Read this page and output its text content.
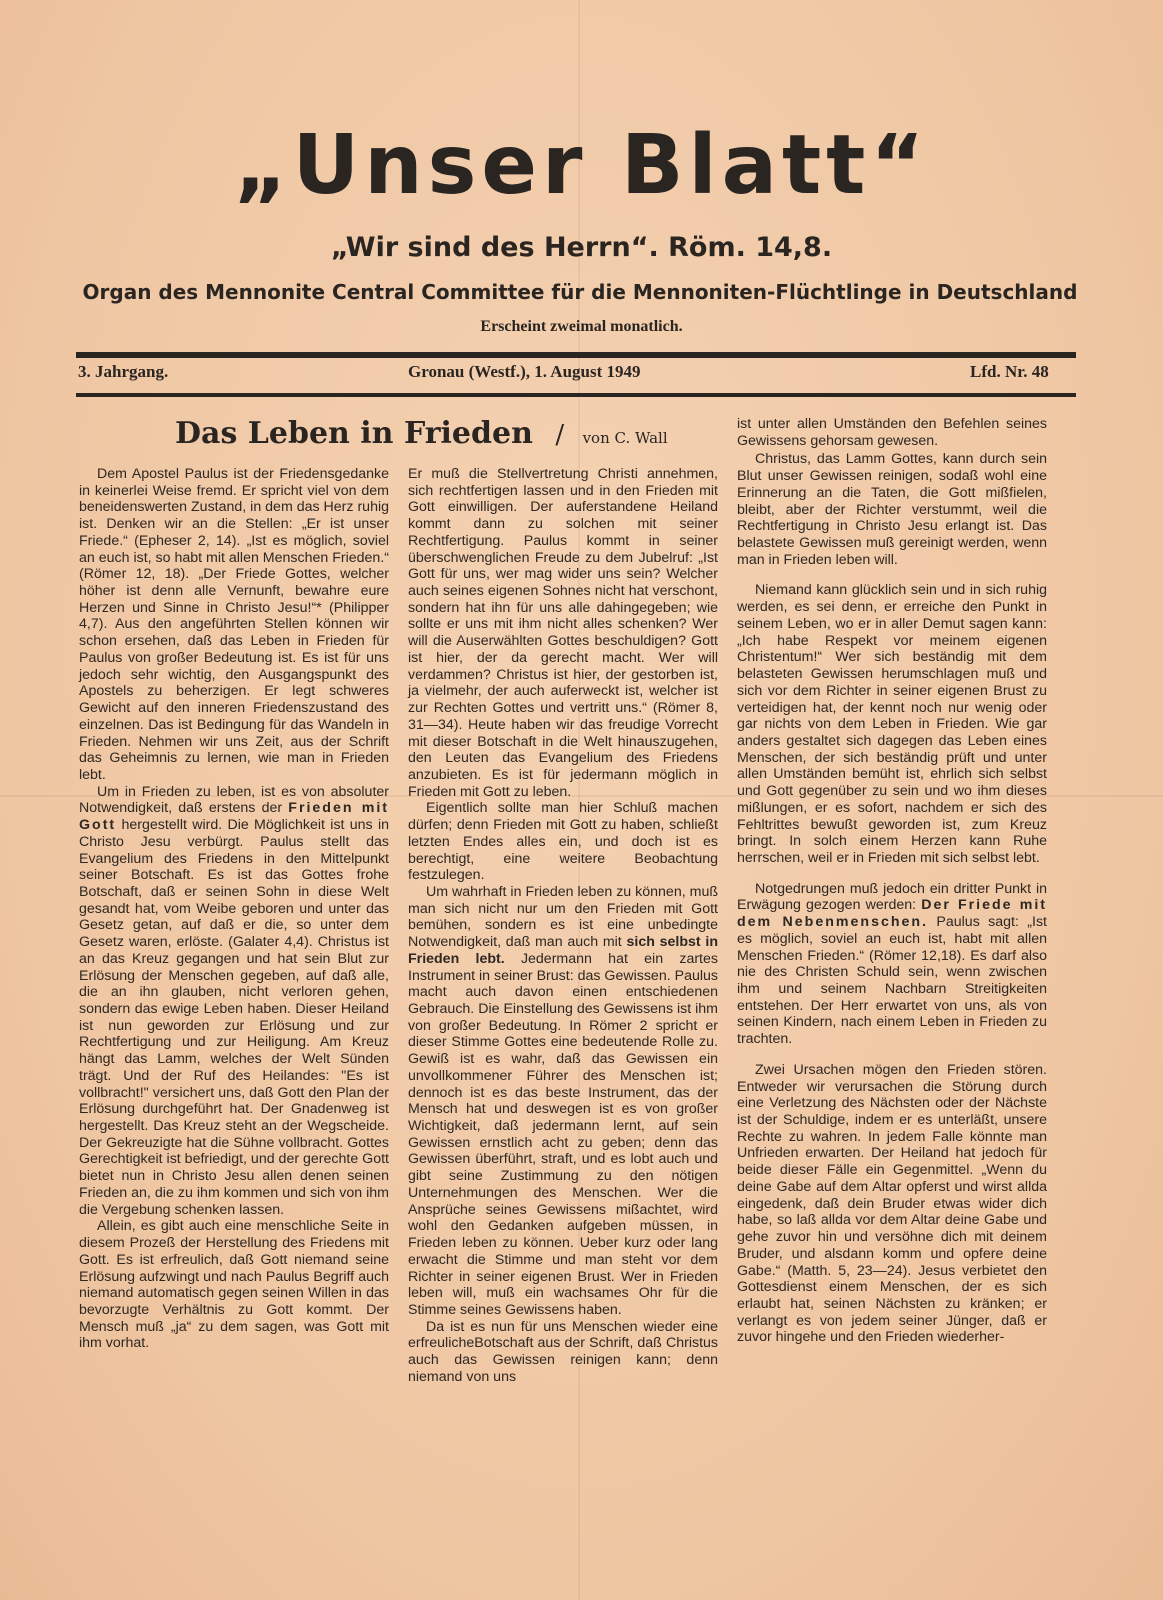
„Unser Blatt“
„Wir sind des Herrn“. Röm. 14,8.
Organ des Mennonite Central Committee für die Mennoniten-Flüchtlinge in Deutschland
Erscheint zweimal monatlich.
3. Jahrgang.	Gronau (Westf.), 1. August 1949	Lfd. Nr. 48
Das Leben in Frieden / von C. Wall

Dem Apostel Paulus ist der Friedensgedanke in keinerlei Weise fremd. Er spricht viel von dem beneidenswerten Zustand, in dem das Herz ruhig ist. Denken wir an die Stellen: „Er ist unser Friede.“ (Epheser 2, 14). „Ist es möglich, soviel an euch ist, so habt mit allen Menschen Frieden.“ (Römer 12, 18). „Der Friede Gottes, welcher höher ist denn alle Vernunft, bewahre eure Herzen und Sinne in Christo Jesu!“* (Philipper 4,7). Aus den angeführten Stellen können wir schon ersehen, daß das Leben in Frieden für Paulus von großer Bedeutung ist. Es ist für uns jedoch sehr wichtig, den Ausgangspunkt des Apostels zu beherzigen. Er legt schweres Gewicht auf den inneren Friedenszustand des einzelnen. Das ist Bedingung für das Wandeln in Frieden. Nehmen wir uns Zeit, aus der Schrift das Geheimnis zu lernen, wie man in Frieden lebt.

Um in Frieden zu leben, ist es von absoluter Notwendigkeit, daß erstens der Frieden mit Gott hergestellt wird. Die Möglichkeit ist uns in Christo Jesu verbürgt. Paulus stellt das Evangelium des Friedens in den Mittelpunkt seiner Botschaft. Es ist das Gottes frohe Botschaft, daß er seinen Sohn in diese Welt gesandt hat, vom Weibe geboren und unter das Gesetz getan, auf daß er die, so unter dem Gesetz waren, erlöste. (Galater 4,4). Christus ist an das Kreuz gegangen und hat sein Blut zur Erlösung der Menschen gegeben, auf daß alle, die an ihn glauben, nicht verloren gehen, sondern das ewige Leben haben. Dieser Heiland ist nun geworden zur Erlösung und zur Rechtfertigung und zur Heiligung. Am Kreuz hängt das Lamm, welches der Welt Sünden trägt. Und der Ruf des Heilandes: "Es ist vollbracht!" versichert uns, daß Gott den Plan der Erlösung durchgeführt hat. Der Gnadenweg ist hergestellt. Das Kreuz steht an der Wegscheide. Der Gekreuzigte hat die Sühne vollbracht. Gottes Gerechtigkeit ist befriedigt, und der gerechte Gott bietet nun in Christo Jesu allen denen seinen Frieden an, die zu ihm kommen und sich von ihm die Vergebung schenken lassen.

Allein, es gibt auch eine menschliche Seite in diesem Prozeß der Herstellung des Friedens mit Gott. Es ist erfreulich, daß Gott niemand seine Erlösung aufzwingt und nach Paulus Begriff auch niemand automatisch gegen seinen Willen in das bevorzugte Verhältnis zu Gott kommt. Der Mensch muß „ja“ zu dem sagen, was Gott mit ihm vorhat.

Er muß die Stellvertretung Christi annehmen, sich rechtfertigen lassen und in den Frieden mit Gott einwilligen. Der auferstandene Heiland kommt dann zu solchen mit seiner Rechtfertigung. Paulus kommt in seiner überschwenglichen Freude zu dem Jubelruf: „Ist Gott für uns, wer mag wider uns sein? Welcher auch seines eigenen Sohnes nicht hat verschont, sondern hat ihn für uns alle dahingegeben; wie sollte er uns mit ihm nicht alles schenken? Wer will die Auserwählten Gottes beschuldigen? Gott ist hier, der da gerecht macht. Wer will verdammen? Christus ist hier, der gestorben ist, ja vielmehr, der auch auferweckt ist, welcher ist zur Rechten Gottes und vertritt uns.“ (Römer 8, 31—34). Heute haben wir das freudige Vorrecht mit dieser Botschaft in die Welt hinauszugehen, den Leuten das Evangelium des Friedens anzubieten. Es ist für jedermann möglich in Frieden mit Gott zu leben.

Eigentlich sollte man hier Schluß machen dürfen; denn Frieden mit Gott zu haben, schließt letzten Endes alles ein, und doch ist es berechtigt, eine weitere Beobachtung festzulegen.

Um wahrhaft in Frieden leben zu können, muß man sich nicht nur um den Frieden mit Gott bemühen, sondern es ist eine unbedingte Notwendigkeit, daß man auch mit sich selbst in Frieden lebt. Jedermann hat ein zartes Instrument in seiner Brust: das Gewissen. Paulus macht auch davon einen entschiedenen Gebrauch. Die Einstellung des Gewissens ist ihm von großer Bedeutung. In Römer 2 spricht er dieser Stimme Gottes eine bedeutende Rolle zu. Gewiß ist es wahr, daß das Gewissen ein unvollkommener Führer des Menschen ist; dennoch ist es das beste Instrument, das der Mensch hat und deswegen ist es von großer Wichtigkeit, daß jedermann lernt, auf sein Gewissen ernstlich acht zu geben; denn das Gewissen überführt, straft, und es lobt auch und gibt seine Zustimmung zu den nötigen Unternehmungen des Menschen. Wer die Ansprüche seines Gewissens mißachtet, wird wohl den Gedanken aufgeben müssen, in Frieden leben zu können. Ueber kurz oder lang erwacht die Stimme und man steht vor dem Richter in seiner eigenen Brust. Wer in Frieden leben will, muß ein wachsames Ohr für die Stimme seines Gewissens haben.

Da ist es nun für uns Menschen wieder eine erfreulicheBotschaft aus der Schrift, daß Christus auch das Gewissen reinigen kann; denn niemand von uns

ist unter allen Umständen den Befehlen seines Gewissens gehorsam gewesen.

Christus, das Lamm Gottes, kann durch sein Blut unser Gewissen reinigen, sodaß wohl eine Erinnerung an die Taten, die Gott mißfielen, bleibt, aber der Richter verstummt, weil die Rechtfertigung in Christo Jesu erlangt ist. Das belastete Gewissen muß gereinigt werden, wenn man in Frieden leben will.

Niemand kann glücklich sein und in sich ruhig werden, es sei denn, er erreiche den Punkt in seinem Leben, wo er in aller Demut sagen kann: „Ich habe Respekt vor meinem eigenen Christentum!“ Wer sich beständig mit dem belasteten Gewissen herumschlagen muß und sich vor dem Richter in seiner eigenen Brust zu verteidigen hat, der kennt noch nur wenig oder gar nichts von dem Leben in Frieden. Wie gar anders gestaltet sich dagegen das Leben eines Menschen, der sich beständig prüft und unter allen Umständen bemüht ist, ehrlich sich selbst und Gott gegenüber zu sein und wo ihm dieses mißlungen, er es sofort, nachdem er sich des Fehltrittes bewußt geworden ist, zum Kreuz bringt. In solch einem Herzen kann Ruhe herrschen, weil er in Frieden mit sich selbst lebt.

Notgedrungen muß jedoch ein dritter Punkt in Erwägung gezogen werden: Der Friede mit dem Nebenmenschen. Paulus sagt: „Ist es möglich, soviel an euch ist, habt mit allen Menschen Frieden.“ (Römer 12,18). Es darf also nie des Christen Schuld sein, wenn zwischen ihm und seinem Nachbarn Streitigkeiten entstehen. Der Herr erwartet von uns, als von seinen Kindern, nach einem Leben in Frieden zu trachten.

Zwei Ursachen mögen den Frieden stören. Entweder wir verursachen die Störung durch eine Verletzung des Nächsten oder der Nächste ist der Schuldige, indem er es unterläßt, unsere Rechte zu wahren. In jedem Falle könnte man Unfrieden erwarten. Der Heiland hat jedoch für beide dieser Fälle ein Gegenmittel. „Wenn du deine Gabe auf dem Altar opferst und wirst allda eingedenk, daß dein Bruder etwas wider dich habe, so laß allda vor dem Altar deine Gabe und gehe zuvor hin und versöhne dich mit deinem Bruder, und alsdann komm und opfere deine Gabe.“ (Matth. 5, 23—24). Jesus verbietet den Gottesdienst einem Menschen, der es sich erlaubt hat, seinen Nächsten zu kränken; er verlangt es von jedem seiner Jünger, daß er zuvor hingehe und den Frieden wiederher-
